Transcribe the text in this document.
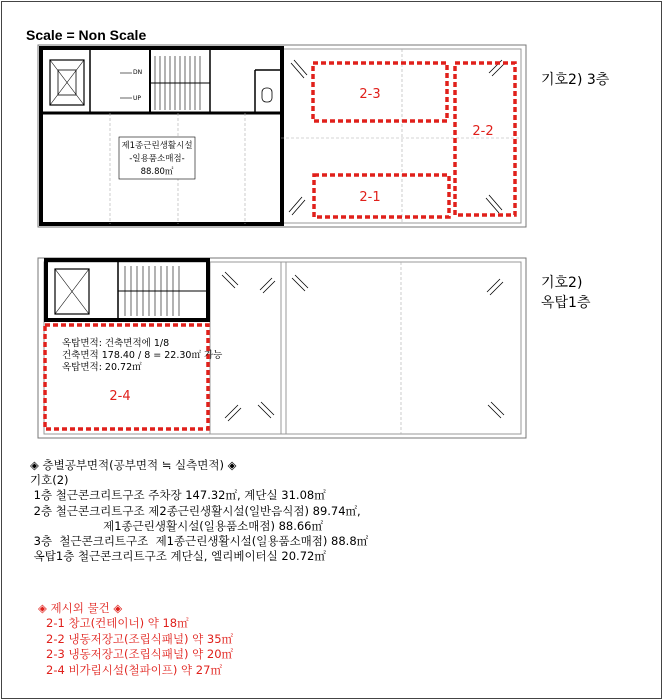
Scale = Non Scale
DN
UP
제1종근린생활시설
-일용품소매점-
88.80㎡
2-3
2-2
2-1
옥탑면적: 건축면적에 1/8
건축면적 178.40 / 8 = 22.30㎡ 가능
옥탑면적: 20.72㎡
2-4
기호2) 3층
기호2)
옥탑1층
◈ 층별공부면적(공부면적 ≒ 실측면적) ◈
기호(2)
1층 철근콘크리트구조 주차장 147.32㎡, 계단실 31.08㎡
2층 철근콘크리트구조 제2종근린생활시설(일반음식점) 89.74㎡,
제1종근린생활시설(일용품소매점) 88.66㎡
3층  철근콘크리트구조  제1종근린생활시설(일용품소매점) 88.8㎡
옥탑1층 철근콘크리트구조 계단실, 엘리베이터실 20.72㎡
◈ 제시외 물건 ◈
2-1 창고(컨테이너) 약 18㎡
2-2 냉동저장고(조립식패널) 약 35㎡
2-3 냉동저장고(조립식패널) 약 20㎡
2-4 비가림시설(철파이프) 약 27㎡
